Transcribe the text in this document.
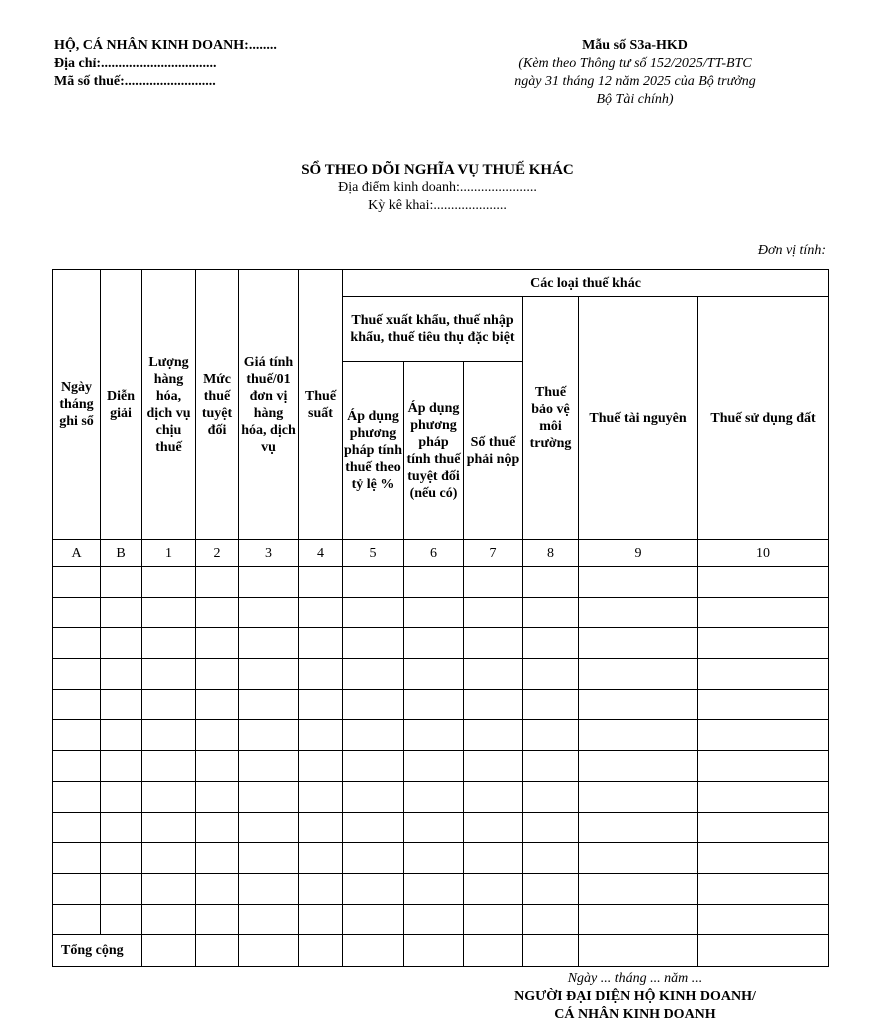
HỘ, CÁ NHÂN KINH DOANH:........
Địa chỉ:.................................
Mã số thuế:..........................
Mẫu số S3a-HKD
(Kèm theo Thông tư số 152/2025/TT-BTC
ngày 31 tháng 12 năm 2025 của Bộ trưởng
Bộ Tài chính)
SỔ THEO DÕI NGHĨA VỤ THUẾ KHÁC
Địa điểm kinh doanh:......................
Kỳ kê khai:.....................
Đơn vị tính:
Ngày tháng ghi sổ	Diễn giải	Lượng hàng hóa, dịch vụ chịu thuế	Mức thuế tuyệt đối	Giá tính thuế/01 đơn vị hàng hóa, dịch vụ	Thuế suất	Các loại thuế khác					
						Thuế xuất khẩu, thuế nhập khẩu, thuế tiêu thụ đặc biệt			Thuế bảo vệ môi trường	Thuế tài nguyên	Thuế sử dụng đất
						Áp dụng phương pháp tính thuế theo tỷ lệ %	Áp dụng phương pháp tính thuế tuyệt đối (nếu có)	Số thuế phải nộp			
A	B	1	2	3	4	5	6	7	8	9	10

Tổng cộng											
Ngày ... tháng ... năm ...
NGƯỜI ĐẠI DIỆN HỘ KINH DOANH/
CÁ NHÂN KINH DOANH
